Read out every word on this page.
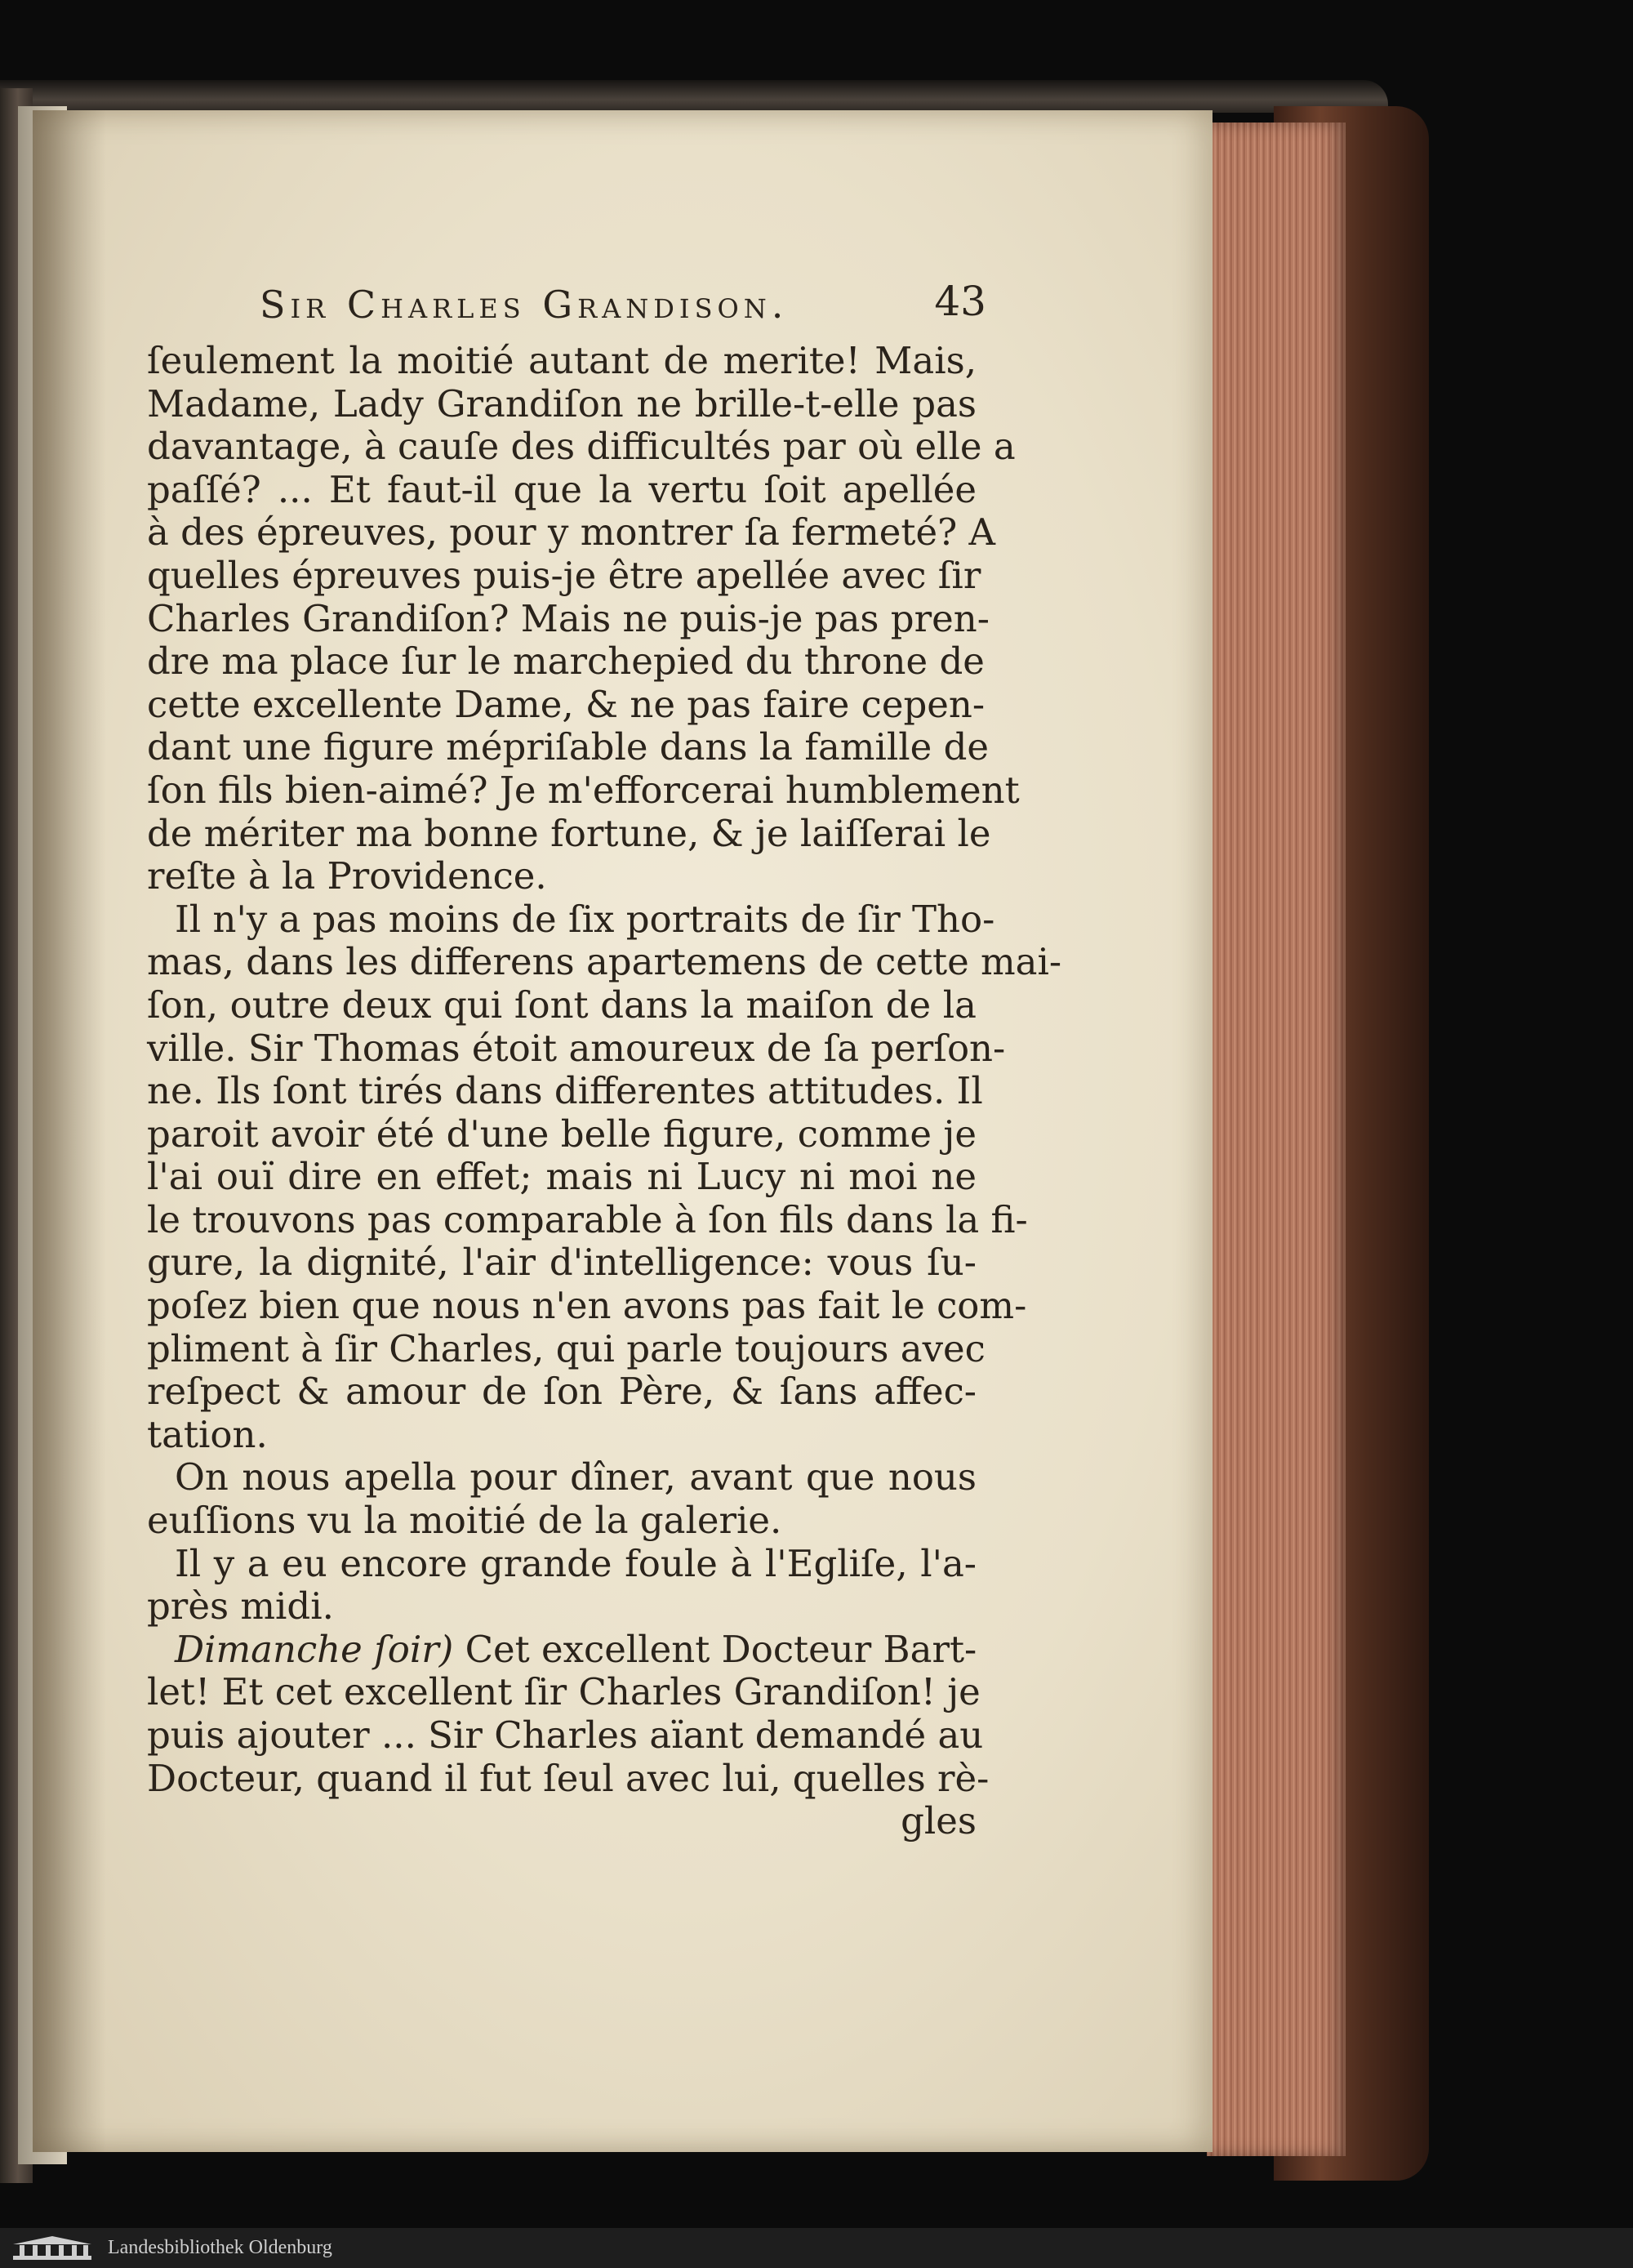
Sir Charles Grandison.	43
ſeulement la moitié autant de merite! Mais,
Madame, Lady Grandiſon ne brille-t-elle pas
davantage, à cauſe des difficultés par où elle a
paſſé? ... Et faut-il que la vertu ſoit apellée
à des épreuves, pour y montrer ſa fermeté? A
quelles épreuves puis-je être apellée avec ſir
Charles Grandiſon? Mais ne puis-je pas pren-
dre ma place ſur le marchepied du throne de
cette excellente Dame, & ne pas faire cepen-
dant une figure mépriſable dans la famille de
ſon fils bien-aimé? Je m'efforcerai humblement
de mériter ma bonne fortune, & je laiſſerai le
reſte à la Providence.
Il n'y a pas moins de ſix portraits de ſir Tho-
mas, dans les differens apartemens de cette mai-
ſon, outre deux qui ſont dans la maiſon de la
ville. Sir Thomas étoit amoureux de ſa perſon-
ne. Ils ſont tirés dans differentes attitudes. Il
paroit avoir été d'une belle figure, comme je
l'ai ouï dire en effet; mais ni Lucy ni moi ne
le trouvons pas comparable à ſon fils dans la fi-
gure, la dignité, l'air d'intelligence: vous ſu-
poſez bien que nous n'en avons pas fait le com-
pliment à ſir Charles, qui parle toujours avec
reſpect & amour de ſon Père, & ſans affec-
tation.
On nous apella pour dîner, avant que nous
euſſions vu la moitié de la galerie.
Il y a eu encore grande foule à l'Egliſe, l'a-
près midi.
Dimanche ſoir) Cet excellent Docteur Bart-
let! Et cet excellent ſir Charles Grandiſon! je
puis ajouter ... Sir Charles aïant demandé au
Docteur, quand il fut ſeul avec lui, quelles rè-
gles
Landesbibliothek Oldenburg
